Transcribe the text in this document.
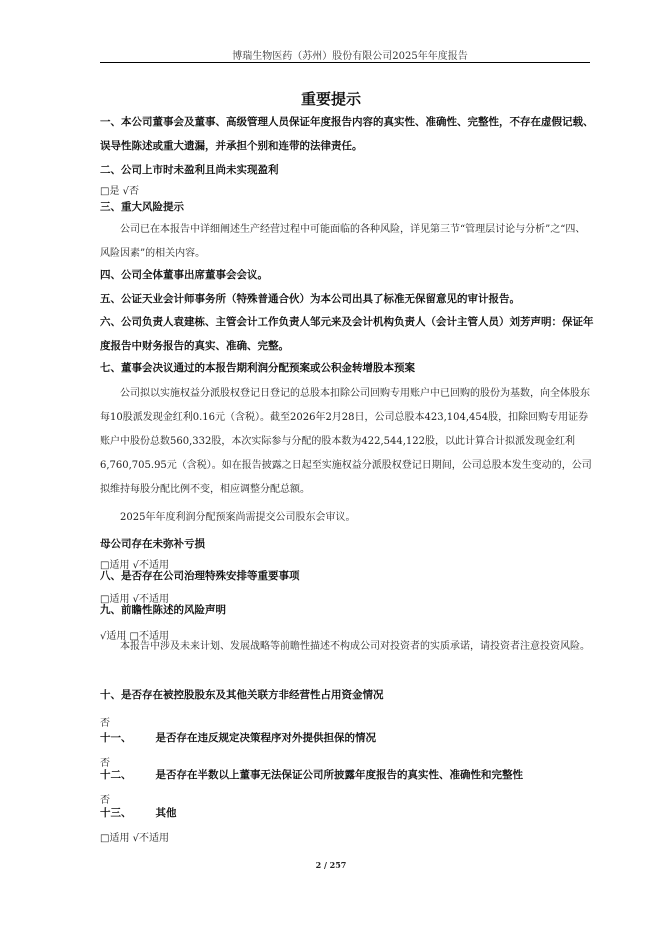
博瑞生物医药（苏州）股份有限公司2025年年度报告
重要提示
一、本公司董事会及董事、高级管理人员保证年度报告内容的真实性、准确性、完整性，不存在虚假记载、误导性陈述或重大遗漏，并承担个别和连带的法律责任。
二、公司上市时未盈利且尚未实现盈利
□是 √否
三、重大风险提示
公司已在本报告中详细阐述生产经营过程中可能面临的各种风险，详见第三节“管理层讨论与分析”之“四、风险因素”的相关内容。
四、公司全体董事出席董事会会议。
五、公证天业会计师事务所（特殊普通合伙）为本公司出具了标准无保留意见的审计报告。
六、公司负责人袁建栋、主管会计工作负责人邹元来及会计机构负责人（会计主管人员）刘芳声明：保证年度报告中财务报告的真实、准确、完整。
七、董事会决议通过的本报告期利润分配预案或公积金转增股本预案
公司拟以实施权益分派股权登记日登记的总股本扣除公司回购专用账户中已回购的股份为基数，向全体股东每10股派发现金红利0.16元（含税）。截至2026年2月28日，公司总股本423,104,454股，扣除回购专用证券账户中股份总数560,332股，本次实际参与分配的股本数为422,544,122股，以此计算合计拟派发现金红利6,760,705.95元（含税）。如在报告披露之日起至实施权益分派股权登记日期间，公司总股本发生变动的，公司拟维持每股分配比例不变，相应调整分配总额。
2025年年度利润分配预案尚需提交公司股东会审议。
母公司存在未弥补亏损
□适用 √不适用
八、是否存在公司治理特殊安排等重要事项
□适用 √不适用
九、前瞻性陈述的风险声明
√适用 □不适用
本报告中涉及未来计划、发展战略等前瞻性描述不构成公司对投资者的实质承诺，请投资者注意投资风险。
十、是否存在被控股股东及其他关联方非经营性占用资金情况
否
十一、 是否存在违反规定决策程序对外提供担保的情况
否
十二、 是否存在半数以上董事无法保证公司所披露年度报告的真实性、准确性和完整性
否
十三、 其他
□适用 √不适用
2 / 257
